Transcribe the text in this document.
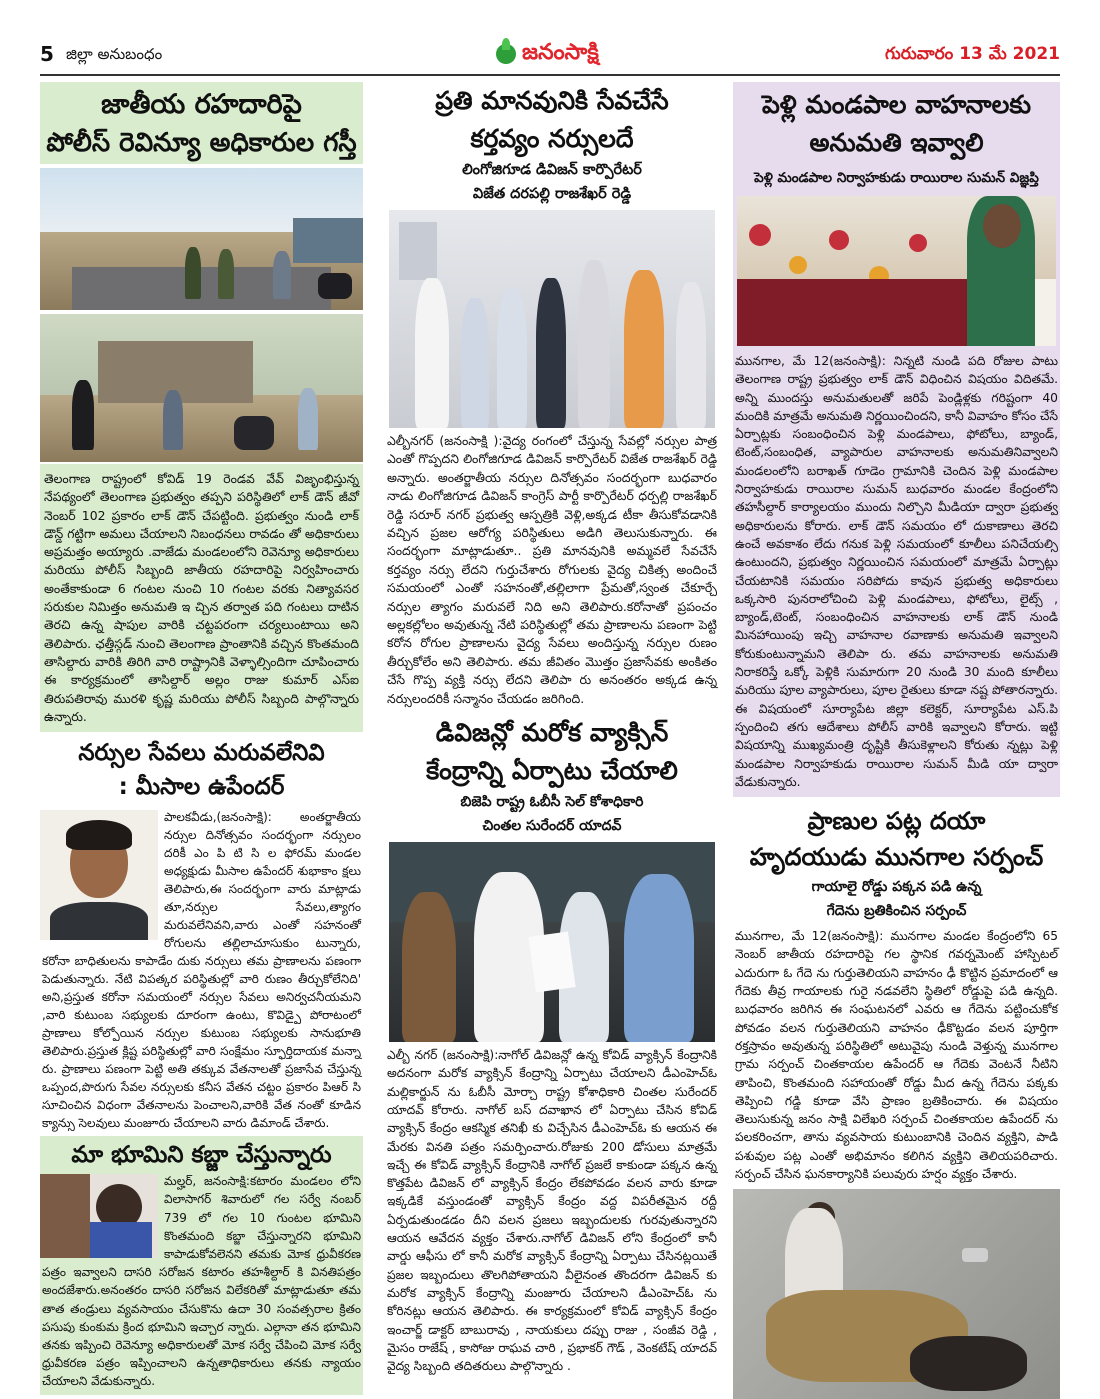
5 జిల్లా అనుబంధం	జనంసాక్షి	గురువారం 13 మే 2021
జాతీయ రహదారిపై
పోలీస్ రెవిన్యూ అధికారుల గస్తీ

తెలంగాణ రాష్ట్రంలో కోవిడ్ 19 రెండవ వేవ్ విజృంభిస్తున్న నేపథ్యంలో తెలంగాణ ప్రభుత్వం తప్పని పరిస్థితిలో లాక్ డౌన్ జీవో నెంబర్ 102 ప్రకారం లాక్ డౌన్ చేపట్టింది. ప్రభుత్వం నుండి లాక్ డౌన్డ్ గట్టిగా అమలు చేయాలని నిబంధనలు రావడం తో అధికారులు అప్రమత్తం అయ్యారు .వాజేడు మండలంలోని రెవెన్యూ అధికారులు మరియు పోలీస్ సిబ్బంది జాతీయ రహదారిపై నిర్వహించారు అంతేకాకుండా 6 గంటల నుంచి 10 గంటల వరకు నిత్యావసర సరుకుల నిమిత్తం అనుమతి ఇ చ్చిన తర్వాత పది గంటలు దాటిన తెరచి ఉన్న షాపుల వారికి చట్టపరంగా చర్యలుంటాయి అని తెలిపారు. ఛత్తీస్గడ్ నుంచి తెలంగాణ ప్రాంతానికి వచ్చిన కొంతమంది తాసిల్దారు వారికి తిరిగి వారి రాష్ట్రానికి వెళ్ళాల్సిందిగా చూపించారు ఈ కార్యక్రమంలో తాసిల్దార్ అల్లం రాజు కుమార్ ఎస్ఐ తిరుపతిరావు మురళి కృష్ణ మరియు పోలీస్ సిబ్బంది పాల్గొన్నారు ఉన్నారు.

నర్సుల సేవలు మరువలేనివి
: మీసాల ఉపేందర్

పాలకవీడు,(జనంసాక్షి): అంతర్జాతీయ నర్సుల దినోత్సవం సందర్భంగా నర్సులం దరికీ ఎం పి టి సి ల ఫోరమ్ మండల అధ్యక్షుడు మీసాల ఉపేందర్ శుభాకాం క్షలు తెలిపారు,ఈ సందర్భంగా వారు మాట్లాడు తూ,నర్సుల సేవలు,త్యాగం మరువలేనివని,వారు ఎంతో సహనంతో రోగులను తల్లిలాచూసుకుం టున్నారు, కరోనా బాధితులను కాపాడేం దుకు నర్సులు తమ ప్రాణాలను పణంగా పెడుతున్నారు. నేటి విపత్కర పరిస్థితుల్లో వారి రుణం తీర్చుకోలేనిది' అని,ప్రస్తుత కరోనా సమయంలో నర్సుల సేవలు అనిర్వచనీయమని ,వారి కుటుంబ సభ్యులకు దూరంగా ఉంటు, కొవిడ్పై పోరాటంలో ప్రాణాలు కోల్పోయిన నర్సుల కుటుంబ సభ్యులకు సానుభూతి తెలిపారు.ప్రస్తుత క్లిష్ట పరిస్థితుల్లో వారి సంక్షేమం స్ఫూర్తిదాయక మన్నా రు. ప్రాణాలు పణంగా పెట్టి అతి తక్కువ వేతనాలతో ప్రజాసేవ చేస్తున్న ఒప్పంద,పొరుగు సేవల నర్సులకు కనీస వేతన చట్టం ప్రకారం పిఆర్ సి సూచించిన విధంగా వేతనాలను పెంచాలని,వారికి వేత నంతో కూడిన క్యాన్సు సెలవులు మంజూరు చేయాలని వారు డిమాండ్ చేశారు.

మా భూమిని కబ్జా చేస్తున్నారు

మల్హర్, జనంసాక్షి:కటారం మండలం లోని విలాసాగర్ శివారులో గల సర్వే నంబర్ 739 లో గల 10 గుంటల భూమిని కొంతమంది కబ్జా చేస్తున్నారని భూమిని కాపాడుకోవలెనని తమకు మోక ధ్రువీకరణ పత్రం ఇవ్వాలని దాసరి సరోజన కటారం తహశీల్దార్ కి వినతిపత్రం అందజేశారు.అనంతరం దాసరి సరోజన విలేకరితో మాట్లాడుతూ తమ తాత తండ్రులు వ్యవసాయం చేసుకొను ఉదా 30 సంవత్సరాల క్రితం పసుపు కుంకుమ క్రింద భూమిని ఇచ్చార న్నారు. ఎల్గానా తన భూమిని తనకు ఇప్పించి రెవెన్యూ అధికారులతో మోక సర్వే చేపించి మోక సర్వే ధ్రువీకరణ పత్రం ఇప్పించాలని ఉన్నతాధికారులు తనకు న్యాయం చేయాలని వేడుకున్నారు.

ప్రతి మానవునికి సేవచేసే
కర్తవ్యం నర్సులదే
లింగోజిగూడ డివిజన్ కార్పొరేటర్
విజేత దరపల్లి రాజశేఖర్ రెడ్డి

ఎల్బీనగర్ (జనంసాక్షి ):వైద్య రంగంలో చేస్తున్న సేవల్లో నర్సుల పాత్ర ఎంతో గొప్పదని లింగోజిగూడ డివిజన్ కార్పొరేటర్ విజేత రాజశేఖర్ రెడ్డి అన్నారు. అంతర్జాతీయ నర్సుల దినోత్సవం సందర్భంగా బుధవారం నాడు లింగోజిగూడ డివిజన్ కాంగ్రెస్ పార్టీ కార్పొరేటర్ ధర్పల్లి రాజశేఖర్ రెడ్డి సరూర్ నగర్ ప్రభుత్వ ఆస్పత్రికి వెళ్లి,అక్కడ టీకా తీసుకోవడానికి వచ్చిన ప్రజల ఆరోగ్య పరిస్థితులు అడిగి తెలుసుకున్నారు. ఈ సందర్భంగా మాట్లాడుతూ.. ప్రతి మానవునికి అమ్మవలే సేవచేసే కర్తవ్యం నర్సు లేదని గుర్తుచేశారు రోగులకు వైద్య చికిత్స అందించే సమయంలో ఎంతో సహనంతో,తల్లిలాగా ప్రేమతో,స్వంత చేకూర్చే నర్సుల త్యాగం మరువలే నిది అని తెలిపారు.కరోనాతో ప్రపంచం అల్లకల్లోలం అవుతున్న నేటి పరిస్థితుల్లో తమ ప్రాణాలను పణంగా పెట్టి కరోన రోగుల ప్రాణాలను వైద్య సేవలు అందిస్తున్న నర్సుల రుణం తీర్చుకోలేం అని తెలిపారు. తమ జీవితం మొత్తం ప్రజాసేవకు అంకితం చేసే గొప్ప వ్యక్తి నర్సు లేదని తెలిపా రు అనంతరం అక్కడ ఉన్న నర్సులందరికీ సన్మానం చేయడం జరిగింది.

డివిజన్లో మరోక వ్యాక్సిన్
కేంద్రాన్ని ఏర్పాటు చేయాలి
బిజెపి రాష్ట్ర ఓబీసీ సెల్ కోశాధికారి
చింతల సురేందర్ యాదవ్

ఎల్బీ నగర్ (జనంసాక్షి):నాగోల్ డివిజన్లో ఉన్న కోవిడ్ వ్యాక్సిన్ కేంద్రానికి అదనంగా మరోక వ్యాక్సిన్ కేంద్రాన్ని ఏర్పాటు చేయాలని డీఎంహెచ్ఓ మల్లికార్జున్ ను ఓబీసీ మోర్చా రాష్ట్ర కోశాధికారి చింతల సురేందర్ యాదవ్ కోరారు. నాగోల్ బస్ దవాఖాన లో ఏర్పాటు చేసిన కోవిడ్ వ్యాక్సిన్ కేంద్రం ఆకస్మిక తనిఖీ కు విచ్చేసిన డీఎంహెచ్ఓ కు ఆయన ఈ మేరకు వినతి పత్రం సమర్పించారు.రోజుకు 200 డోసులు మాత్రమే ఇచ్చే ఈ కోవిడ్ వ్యాక్సిన్ కేంద్రానికి నాగోల్ ప్రజలే కాకుండా పక్కన ఉన్న కొత్తపేట డివిజన్ లో వ్యాక్సిన్ కేంద్రం లేకపోవడం వలన వారు కూడా ఇక్కడికే వస్తుండంతో వ్యాక్సిన్ కేంద్రం వద్ద విపరీతమైన రద్దీ ఏర్పడుతుండడం దీని వలన ప్రజలు ఇబ్బందులకు గురవుతున్నారని ఆయన ఆవేదన వ్యక్తం చేశారు.నాగోల్ డివిజన్ లోని కేంద్రంలో కానీ వార్డు ఆఫీసు లో కానీ మరోక వ్యాక్సిన్ కేంద్రాన్ని ఏర్పాటు చేసినట్లయితే ప్రజల ఇబ్బందులు తొలగిపోతాయని వీలైనంత తొందరగా డివిజన్ కు మరోక వ్యాక్సిన్ కేంద్రాన్ని మంజూరు చేయాలని డీఎంహెచ్ఓ ను కోరినట్లు ఆయన తెలిపారు. ఈ కార్యక్రమంలో కోవిడ్ వ్యాక్సిన్ కేంద్రం ఇంచార్జ్ డాక్టర్ బాబురావు , నాయకులు దప్పు రాజు , సంజీవ రెడ్డి , మైసం రాజేష్ , కాసోజు రాఘవ చారి , ప్రభాకర్ గౌడ్ , వెంకటేష్ యాదవ్ వైద్య సిబ్బంది తదితరులు పాల్గొన్నారు .

పెళ్లి మండపాల వాహనాలకు
అనుమతి ఇవ్వాలి
పెళ్లి మండపాల నిర్వాహకుడు రాయిరాల సుమన్ విజ్ఞప్తి

మునగాల, మే 12(జనంసాక్షి): నిన్నటి నుండి పది రోజుల పాటు తెలంగాణ రాష్ట్ర ప్రభుత్వం లాక్ డౌన్ విధించిన విషయం విదితమే. అన్ని ముందస్తు అనుమతులతో జరిపే పెండ్లిళ్లకు గరిష్టంగా 40 మందికి మాత్రమే అనుమతి నిర్ణయించిందని, కానీ వివాహం కోసం చేసే ఏర్పాట్లకు సంబంధించిన పెళ్లి మండపాలు, ఫోటోలు, బ్యాండ్, టెంట్,సంబంధిత, వ్యాపారుల వాహనాలకు అనుమతినివ్వాలని మండలంలోని బరాఖత్ గూడెం గ్రామానికి చెందిన పెళ్లి మండపాల నిర్వాహకుడు రాయిరాల సుమన్ బుధవారం మండల కేంద్రంలోని తహసీల్దార్ కార్యాలయం ముందు నిల్చొని మీడియా ద్వారా ప్రభుత్వ అధికారులను కోరారు. లాక్ డౌన్ సమయం లో దుకాణాలు తెరచి ఉంచే అవకాశం లేదు గనుక పెళ్లి సమయంలో కూలీలు పనిచేయల్సి ఉంటుందని, ప్రభుత్వం నిర్ణయించిన సమయంలో మాత్రమే ఏర్పాట్లు చేయటానికి సమయం సరిపోదు కావున ప్రభుత్వ అధికారులు ఒక్కసారి పునరాలోచించి పెళ్లి మండపాలు, ఫోటోలు, లైట్స్ , బ్యాండ్,టెంట్, సంబంధించిన వాహనాలకు లాక్ డౌన్ నుండి మినహాయింపు ఇచ్చి వాహనాల రవాణాకు అనుమతి ఇవ్వాలని కోరుకుంటున్నామని తెలిపా రు. తమ వాహనాలకు అనుమతి నిరాకరిస్తే ఒక్కో పెళ్లికి సుమారుగా 20 నుండి 30 మంది కూలీలు మరియు పూల వ్యాపారులు, పూల రైతులు కూడా నష్ట పోతారన్నారు. ఈ విషయంలో సూర్యాపేట జిల్లా కలెక్టర్, సూర్యాపేట ఎస్.పి స్పందించి తగు ఆదేశాలు పోలీస్ వారికి ఇవ్వాలని కోరారు. ఇట్టి విషయాన్ని ముఖ్యమంత్రి దృష్టికి తీసుకెళ్లాలని కోరుతు న్నట్లు పెళ్లి మండపాల నిర్వాహకుడు రాయిరాల సుమన్ మీడి యా ద్వారా వేడుకున్నారు.

ప్రాణుల పట్ల దయా
హృదయుడు మునగాల సర్పంచ్
గాయాలై రోడ్డు పక్కన పడి ఉన్న
గేదెను బ్రతికించిన సర్పంచ్

మునగాల, మే 12(జనంసాక్షి): మునగాల మండల కేంద్రంలోని 65 నెంబర్ జాతీయ రహదారిపై గల స్థానిక గవర్నమెంట్ హాస్పిటల్ ఎదురుగా ఓ గేదె ను గుర్తుతెలియని వాహనం ఢీ కొట్టిన ప్రమాదంలో ఆ గేదెకు తీవ్ర గాయాలకు గురై నడవలేని స్థితిలో రోడ్డుపై పడి ఉన్నది. బుధవారం జరిగిన ఈ సంఘటనలో ఎవరు ఆ గేదెను పట్టించుకోక పోవడం వలన గుర్తుతెలియని వాహనం ఢీకొట్టడం వలన పూర్తిగా రక్తస్రావం అవుతున్న పరిస్థితిలో అటువైపు నుండి వెళ్తున్న మునగాల గ్రామ సర్పంచ్ చింతకాయల ఉపేందర్ ఆ గేదెకు వెంటనే నీటిని తాపించి, కొంతమంది సహాయంతో రోడ్డు మీద ఉన్న గేదెను పక్కకు తెప్పించి గడ్డి కూడా వేసి ప్రాణం బ్రతికించారు. ఈ విషయం తెలుసుకున్న జనం సాక్షి విలేఖరి సర్పంచ్ చింతకాయల ఉపేందర్ ను పలకరించగా, తాను వ్యవసాయ కుటుంబానికి చెందిన వ్యక్తిని, పాడి పశువుల పట్ల ఎంతో అభిమానం కలిగిన వ్యక్తిని తెలియపరిచారు. సర్పంచ్ చేసిన ఘనకార్యానికి పలువురు హర్షం వ్యక్తం చేశారు.
